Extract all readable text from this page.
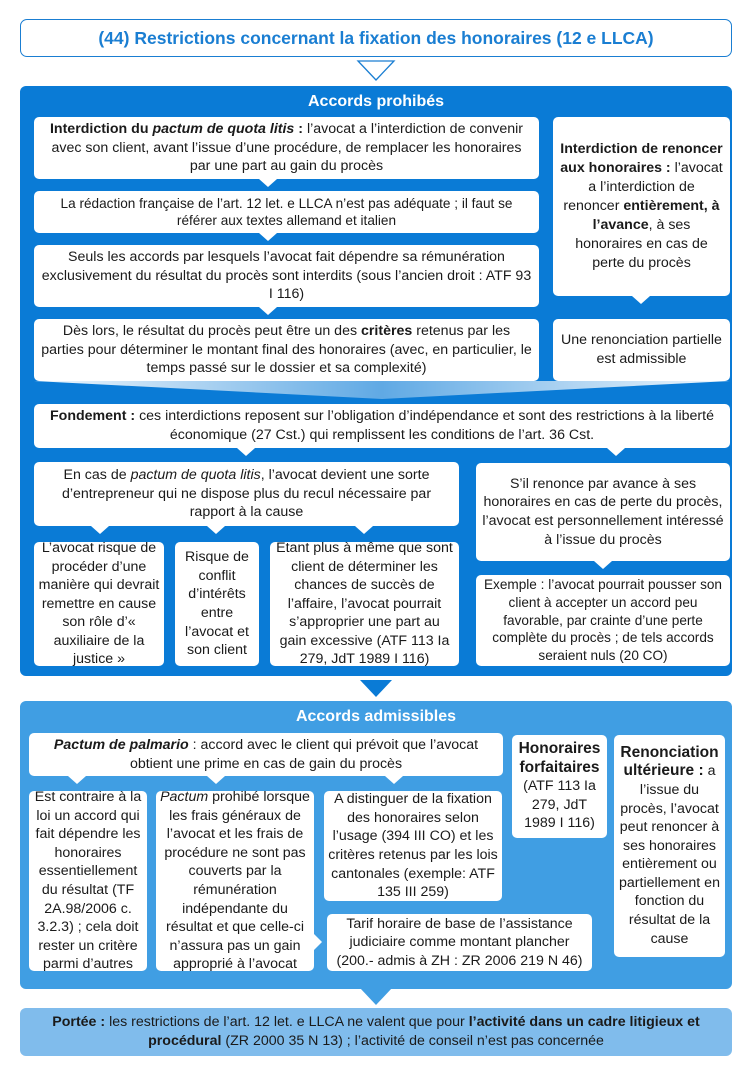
(44) Restrictions concernant la fixation des honoraires (12 e LLCA)
Accords prohibés
Interdiction du pactum de quota litis : l’avocat a l’interdiction de convenir avec son client, avant l’issue d’une procédure, de remplacer les honoraires par une part au gain du procès
La rédaction française de l’art. 12 let. e LLCA n’est pas adéquate ; il faut se référer aux textes allemand et italien
Seuls les accords par lesquels l’avocat fait dépendre sa rémunération exclusivement du résultat du procès sont interdits (sous l’ancien droit : ATF 93 I 116)
Dès lors, le résultat du procès peut être un des critères retenus par les parties pour déterminer le montant final des honoraires (avec, en particulier, le temps passé sur le dossier et sa complexité)
Interdiction de renoncer aux honoraires : l’avocat a l’interdiction de renoncer entièrement, à l’avance, à ses honoraires en cas de perte du procès
Une renonciation partielle est admissible
Fondement : ces interdictions reposent sur l’obligation d’indépendance et sont des restrictions à la liberté économique (27 Cst.) qui remplissent les conditions de l’art. 36 Cst.
En cas de pactum de quota litis, l’avocat devient une sorte d’entrepreneur qui ne dispose plus du recul nécessaire par rapport à la cause
L’avocat risque de procéder d’une manière qui devrait remettre en cause son rôle d’« auxiliaire de la justice »
Risque de conflit d’intérêts entre l’avocat et son client
Etant plus à même que sont client de déterminer les chances de succès de l’affaire, l’avocat pourrait s’approprier une part au gain excessive (ATF 113 Ia 279, JdT 1989 I 116)
S’il renonce par avance à ses honoraires en cas de perte du procès, l’avocat est personnellement intéressé à l’issue du procès
Exemple : l’avocat pourrait pousser son client à accepter un accord peu favorable, par crainte d’une perte complète du procès ; de tels accords seraient nuls (20 CO)
Accords admissibles
Pactum de palmario : accord avec le client qui prévoit que l’avocat obtient une prime en cas de gain du procès
Est contraire à la loi un accord qui fait dépendre les honoraires essentiellement du résultat (TF 2A.98/2006 c. 3.2.3) ; cela doit rester un critère parmi d’autres
Pactum prohibé lorsque les frais généraux de l’avocat et les frais de procédure ne sont pas couverts par la rémunération indépendante du résultat et que celle-ci n’assura pas un gain approprié à l’avocat
A distinguer de la fixation des honoraires selon l’usage (394 III CO) et les critères retenus par les lois cantonales (exemple: ATF 135 III 259)
Tarif horaire de base de l’assistance judiciaire comme montant plancher (200.- admis à ZH : ZR 2006 219 N 46)
Honoraires forfaitaires (ATF 113 Ia 279, JdT 1989 I 116)
Renonciation ultérieure : a l’issue du procès, l’avocat peut renoncer à ses honoraires entièrement ou partiellement en fonction du résultat de la cause
Portée : les restrictions de l’art. 12 let. e LLCA ne valent que pour l’activité dans un cadre litigieux et procédural (ZR 2000 35 N 13) ; l’activité de conseil n’est pas concernée
